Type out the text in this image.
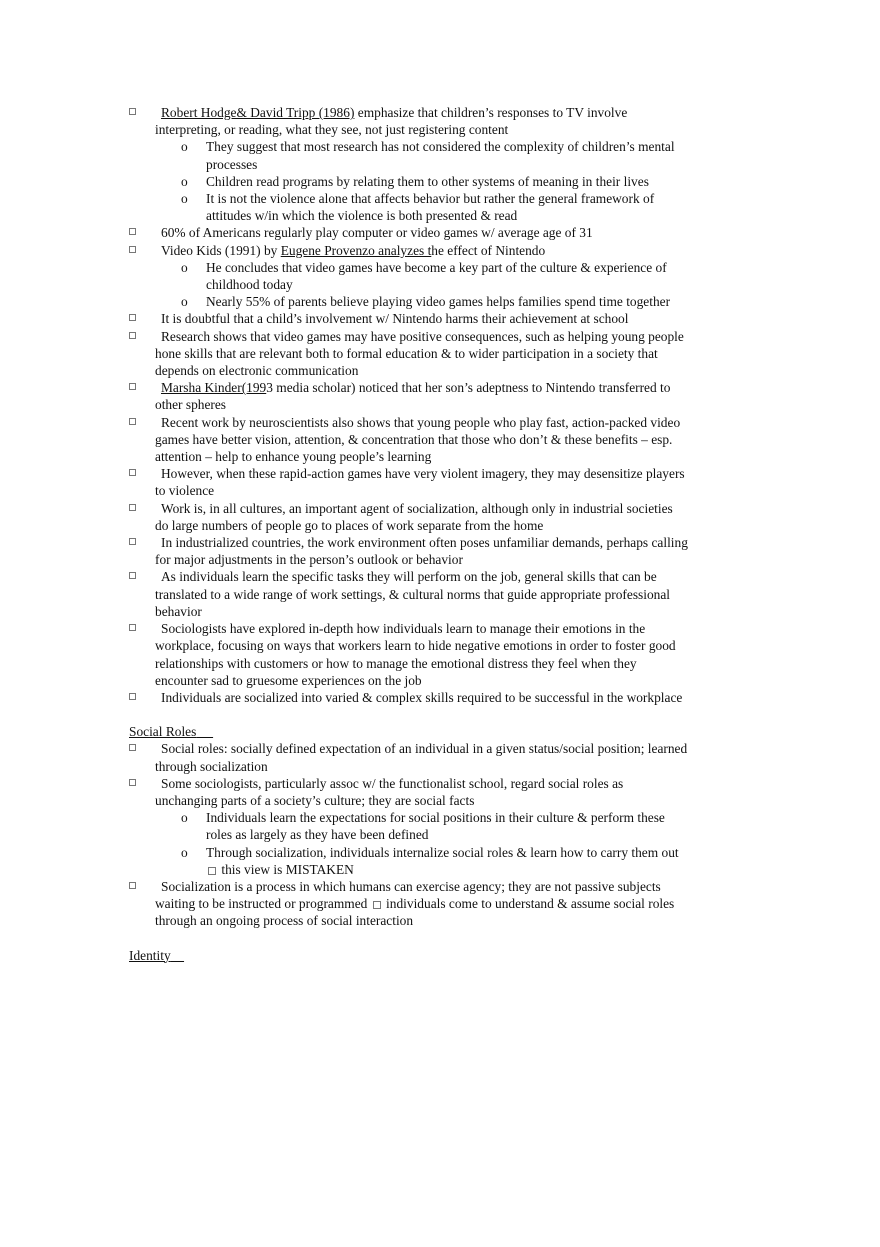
Robert Hodge& David Tripp (1986) emphasize that children’s responses to TV involve interpreting, or reading, what they see, not just registering content
o They suggest that most research has not considered the complexity of children’s mental processes
o Children read programs by relating them to other systems of meaning in their lives
o It is not the violence alone that affects behavior but rather the general framework of attitudes w/in which the violence is both presented & read
60% of Americans regularly play computer or video games w/ average age of 31
Video Kids (1991) by Eugene Provenzo analyzes the effect of Nintendo
o He concludes that video games have become a key part of the culture & experience of childhood today
o Nearly 55% of parents believe playing video games helps families spend time together
It is doubtful that a child’s involvement w/ Nintendo harms their achievement at school
Research shows that video games may have positive consequences, such as helping young people hone skills that are relevant both to formal education & to wider participation in a society that depends on electronic communication
Marsha Kinder(1993 media scholar) noticed that her son’s adeptness to Nintendo transferred to other spheres
Recent work by neuroscientists also shows that young people who play fast, action-packed video games have better vision, attention, & concentration that those who don’t & these benefits – esp. attention – help to enhance young people’s learning
However, when these rapid-action games have very violent imagery, they may desensitize players to violence
Work is, in all cultures, an important agent of socialization, although only in industrial societies do large numbers of people go to places of work separate from the home
In industrialized countries, the work environment often poses unfamiliar demands, perhaps calling for major adjustments in the person’s outlook or behavior
As individuals learn the specific tasks they will perform on the job, general skills that can be translated to a wide range of work settings, & cultural norms that guide appropriate professional behavior
Sociologists have explored in-depth how individuals learn to manage their emotions in the workplace, focusing on ways that workers learn to hide negative emotions in order to foster good relationships with customers or how to manage the emotional distress they feel when they encounter sad to gruesome experiences on the job
Individuals are socialized into varied & complex skills required to be successful in the workplace
Social Roles
Social roles: socially defined expectation of an individual in a given status/social position; learned through socialization
Some sociologists, particularly assoc w/ the functionalist school, regard social roles as unchanging parts of a society’s culture; they are social facts
o Individuals learn the expectations for social positions in their culture & perform these roles as largely as they have been defined
o Through socialization, individuals internalize social roles & learn how to carry them out  this view is MISTAKEN
Socialization is a process in which humans can exercise agency; they are not passive subjects waiting to be instructed or programmed  individuals come to understand & assume social roles through an ongoing process of social interaction
Identity
